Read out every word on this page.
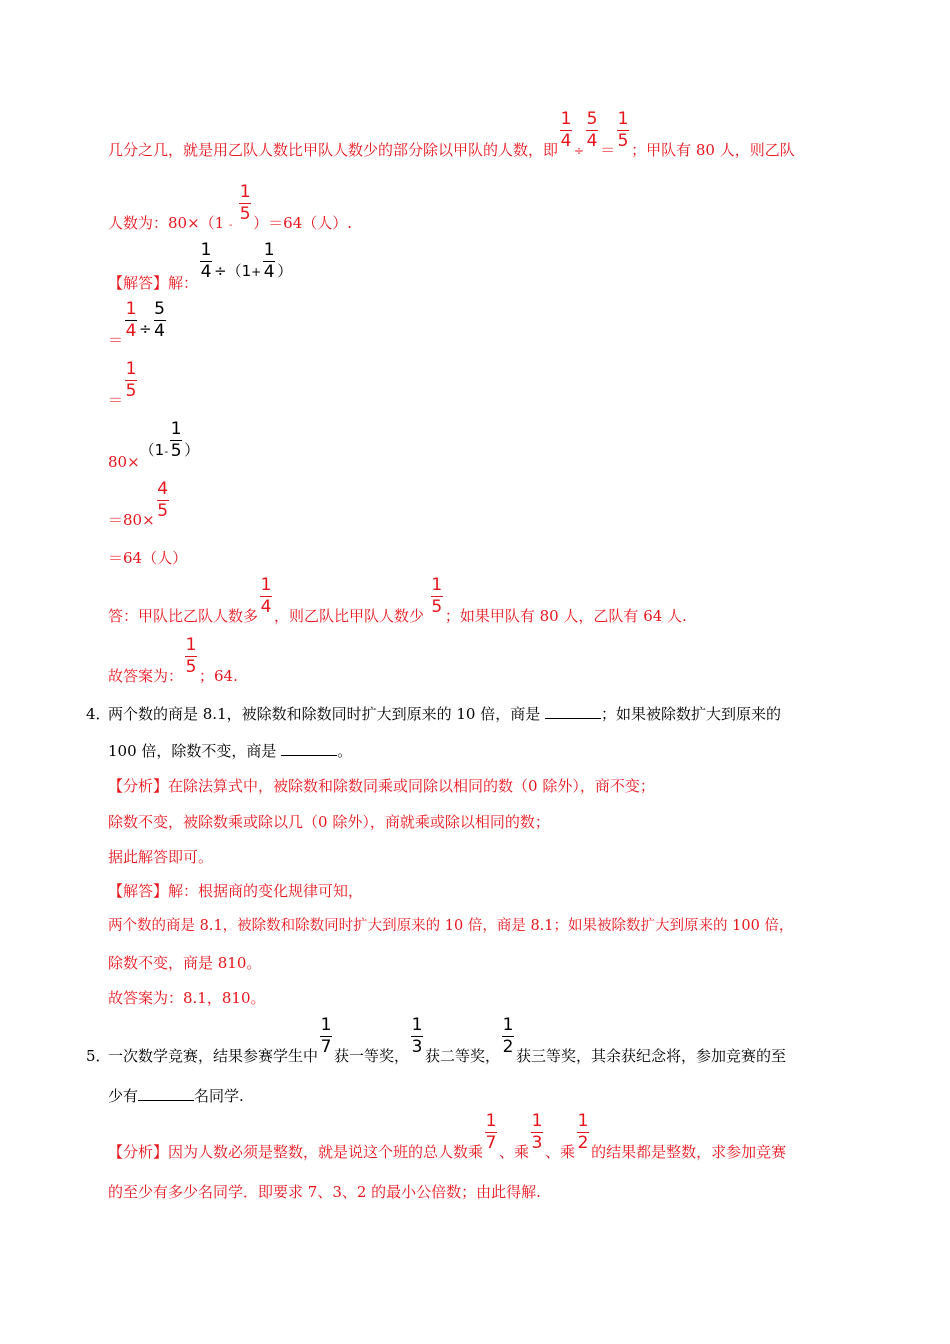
几分之几，就是用乙队人数比甲队人数少的部分除以甲队的人数，即 $\frac{1}{4} \div \frac{5}{4} = \frac{1}{5}$ ；甲队有 80 人，则乙队
人数为：$80\times(1 - \frac{1}{5} )=64$（人）.
【解答】解： $\frac{1}{4} \div(1^+ \frac{1}{4}$ ）
＝ $\frac{1}{4}$
÷
$\frac{5}{4}$
＝ $\frac{1}{5}$
$80\times(1^- \frac{1}{5}$ ）
$=80\times \frac{4}{5}$
＝64（人）
答：甲队比乙队人数多 $\frac{1}{4}$ ，则乙队比甲队人数少 $\frac{1}{5}$ ；如果甲队有 80 人，乙队有 64 人.
故答案为： $\frac{1}{5}$ ；64.
4．
两个数的商是 8.1，被除数和除数同时扩大到原来的 10 倍，商是	；如果被除数扩大到原来的
100 倍，除数不变，商是	。
【分析】在除法算式中，被除数和除数同乘或同除以相同的数（0 除外），商不变；
除数不变，被除数乘或除以几（0 除外），商就乘或除以相同的数；
据此解答即可。
【解答】解：根据商的变化规律可知，
两个数的商是 8.1，被除数和除数同时扩大到原来的 10 倍，商是 8.1；如果被除数扩大到原来的 100 倍，
除数不变，商是 810。
故答案为：8.1，810。
5．
一次数学竞赛，结果参赛学生中 $\frac{1}{7}$ 获一等奖， $\frac{1}{3}$ 获二等奖， $\frac{1}{2}$ 获三等奖，其余获纪念将，参加竞赛的至
少有	名同学.
【分析】因为人数必须是整数，就是说这个班的总人数乘 $\frac{1}{7}$ 、乘 $\frac{1}{3}$ 、乘 $\frac{1}{2}$ 的结果都是整数，求参加竞赛
的至少有多少名同学．即要求 7、3、2 的最小公倍数；由此得解.
